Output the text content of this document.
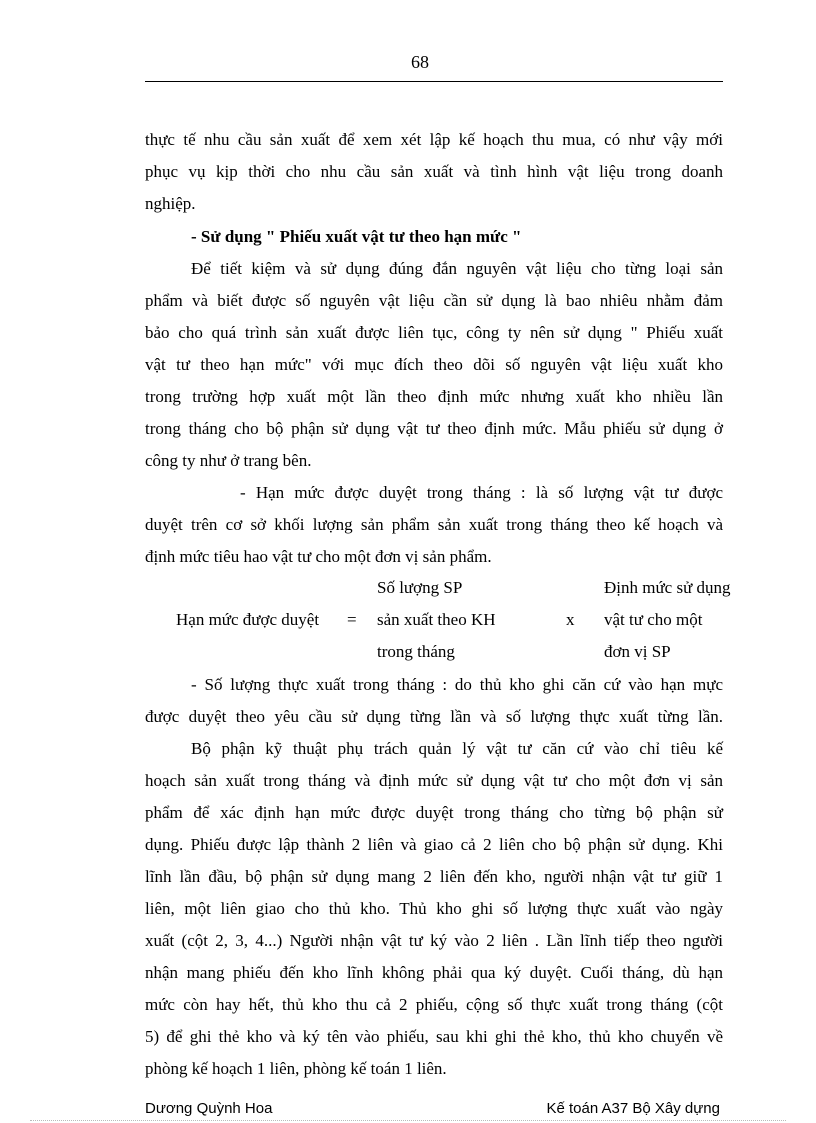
68
thực tế nhu cầu sản xuất để xem xét lập kế hoạch thu mua, có như vậy mới
phục vụ kịp thời cho nhu cầu sản xuất và tình hình vật liệu trong doanh
nghiệp.
- Sử dụng " Phiếu xuất vật tư theo hạn mức "
Để tiết kiệm và sử dụng đúng đắn nguyên vật liệu cho từng loại sản
phẩm và biết được số nguyên vật liệu cần sử dụng là bao nhiêu nhằm đảm
bảo cho quá trình sản xuất được liên tục, công ty nên sử dụng " Phiếu xuất
vật tư theo hạn mức" với mục đích theo dõi số nguyên vật liệu xuất kho
trong trường hợp xuất một lần theo định mức nhưng xuất kho nhiều lần
trong tháng cho bộ phận sử dụng vật tư theo định mức. Mẫu phiếu sử dụng ở
công ty như ở trang bên.
- Hạn mức được duyệt trong tháng : là số lượng vật tư được
duyệt trên cơ sở khối lượng sản phẩm sản xuất trong tháng theo kế hoạch và
định mức tiêu hao vật tư cho một đơn vị sản phẩm.
Hạn mức được duyệt =
Số lượng SP
sản xuất theo KH
trong tháng
x
Định mức sử dụng
vật tư cho một
đơn vị SP
- Số lượng thực xuất trong tháng : do thủ kho ghi căn cứ vào hạn mực
được duyệt theo yêu cầu sử dụng từng lần và số lượng thực xuất từng lần.
Bộ phận kỹ thuật phụ trách quản lý vật tư căn cứ vào chỉ tiêu kế
hoạch sản xuất trong tháng và định mức sử dụng vật tư cho một đơn vị sản
phẩm để xác định hạn mức được duyệt trong tháng cho từng bộ phận sử
dụng. Phiếu được lập thành 2 liên và giao cả 2 liên cho bộ phận sử dụng. Khi
lĩnh lần đầu, bộ phận sử dụng mang 2 liên đến kho, người nhận vật tư giữ 1
liên, một liên giao cho thủ kho. Thủ kho ghi số lượng thực xuất vào ngày
xuất (cột 2, 3, 4...) Người nhận vật tư ký vào 2 liên . Lần lĩnh tiếp theo người
nhận mang phiếu đến kho lĩnh không phải qua ký duyệt. Cuối tháng, dù hạn
mức còn hay hết, thủ kho thu cả 2 phiếu, cộng số thực xuất trong tháng (cột
5) để ghi thẻ kho và ký tên vào phiếu, sau khi ghi thẻ kho, thủ kho chuyển về
phòng kế hoạch 1 liên, phòng kế toán 1 liên.
Dương Quỳnh Hoa	Kế toán A37 Bộ Xây dựng
